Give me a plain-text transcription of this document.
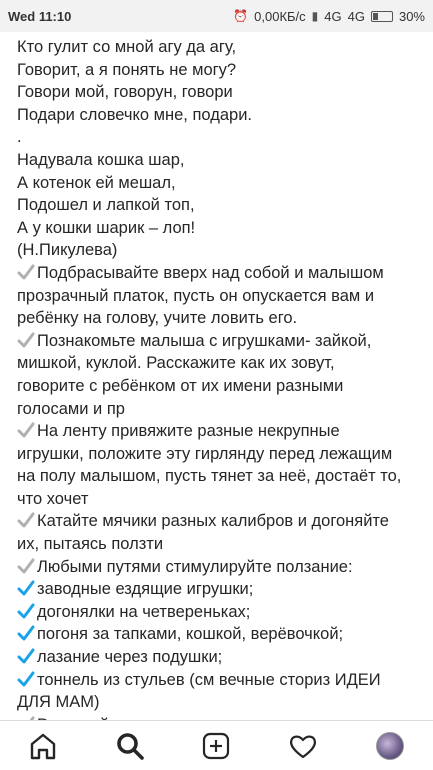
Wed 11:10	⏰ 0,00КБ/с ▮ 4G 4G	30%
Кто гулит со мной агу да агу,
Говорит, а я понять не могу?
Говори мой, говорун, говори
Подари словечко мне, подари.
.
Надувала кошка шар,
А котенок ей мешал,
Подошел и лапкой топ,
А у кошки шарик – лоп!
(Н.Пикулева)
Подбрасывайте вверх над собой и малышом
прозрачный платок, пусть он опускается вам и
ребёнку на голову, учите ловить его.
Познакомьте малыша с игрушками- зайкой,
мишкой, куклой. Расскажите как их зовут,
говорите с ребёнком от их имени разными
голосами и пр
На ленту привяжите разные некрупные
игрушки, положите эту гирлянду перед лежащим
на полу малышом, пусть тянет за неё, достаёт то,
что хочет
Катайте мячики разных калибров и догоняйте
их, пытаясь ползти
Любыми путями стимулируйте ползание:
заводные ездящие игрушки;
догонялки на четвереньках;
погоня за тапками, кошкой, верёвочкой;
лазание через подушки;
тоннель из стульев (см вечные сториз ИДЕИ
ДЛЯ МАМ)
